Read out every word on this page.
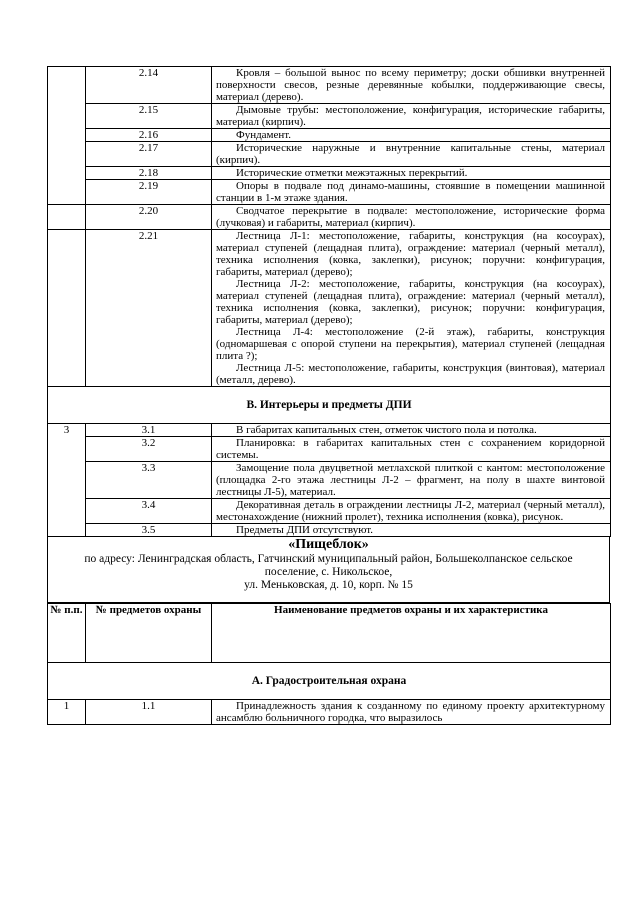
	2.14	Кровля – большой вынос по всему периметру; доски обшивки внутренней поверхности свесов, резные деревянные кобылки, поддерживающие свесы, материал (дерево).

	2.15	Дымовые трубы: местоположение, конфигурация, исторические габариты, материал (кирпич).

	2.16	Фундамент.

	2.17	Исторические наружные и внутренние капитальные стены, материал (кирпич).

	2.18	Исторические отметки межэтажных перекрытий.

	2.19	Опоры в подвале под динамо-машины, стоявшие в помещении машинной станции в 1-м этаже здания.

	2.20	Сводчатое перекрытие в подвале: местоположение, исторические форма (лучковая) и габариты, материал (кирпич).

	2.21	Лестница Л-1: местоположение, габариты, конструкция (на косоурах), материал ступеней (лещадная плита), ограждение: материал (черный металл), техника исполнения (ковка, заклепки), рисунок; поручни: конфигурация, габариты, материал (дерево);

Лестница Л-2: местоположение, габариты, конструкция (на косоурах), материал ступеней (лещадная плита), ограждение: материал (черный металл), техника исполнения (ковка, заклепки), рисунок; поручни: конфигурация, габариты, материал (дерево);

Лестница Л-4: местоположение (2-й этаж), габариты, конструкция (одномаршевая с опорой ступени на перекрытия), материал ступеней (лещадная плита ?);

Лестница Л-5: местоположение, габариты, конструкция (винтовая), материал (металл, дерево).

В. Интерьеры и предметы ДПИ		
3	3.1	В габаритах капитальных стен, отметок чистого пола и потолка.

	3.2	Планировка: в габаритах капитальных стен с сохранением коридорной системы.

	3.3	Замощение пола двуцветной метлахской плиткой с кантом: местоположение (площадка 2-го этажа лестницы Л-2 – фрагмент, на полу в шахте винтовой лестницы Л-5), материал.

	3.4	Декоративная деталь в ограждении лестницы Л-2, материал (черный металл), местонахождение (нижний пролет), техника исполнения (ковка), рисунок.

	3.5	Предметы ДПИ отсутствуют.

«Пищеблок»
по адресу: Ленинградская область, Гатчинский муниципальный район, Большеколпанское сельское
поселение, с. Никольское,
ул. Меньковская, д. 10, корп. № 15
№ п.п.	№ предметов охраны	Наименование предметов охраны и их характеристика
А. Градостроительная охрана		
1	1.1	Принадлежность здания к созданному по единому проекту архитектурному ансамблю больничного городка, что выразилось
